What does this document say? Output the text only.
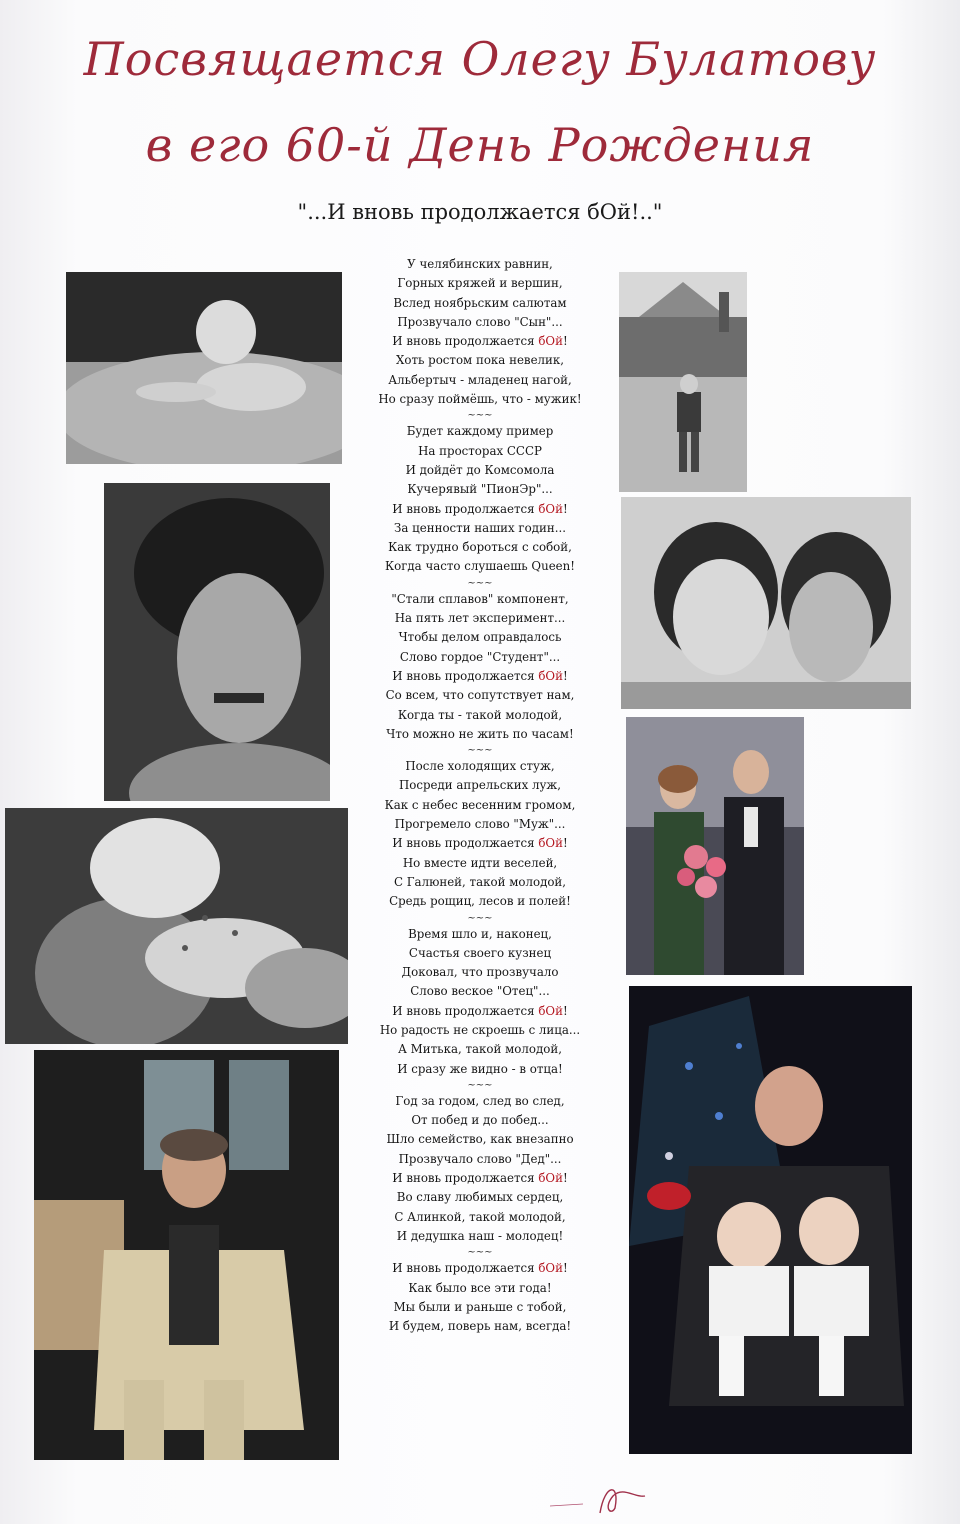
Посвящается Олегу Булатову
в его 60-й День Рождения
"...И вновь продолжается бОй!.."
У челябинских равнин,
Горных кряжей и вершин,
Вслед ноябрьским салютам
Прозвучало слово "Сын"...
И вновь продолжается бОй!
Хоть ростом пока невелик,
Альбертыч - младенец нагой,
Но сразу поймёшь, что - мужик!
~~~
Будет каждому пример
На просторах СССР
И дойдёт до Комсомола
Кучерявый "ПионЭр"...
И вновь продолжается бОй!
За ценности наших годин...
Как трудно бороться с собой,
Когда часто слушаешь Queen!
~~~
"Стали сплавов" компонент,
На пять лет эксперимент...
Чтобы делом оправдалось
Слово гордое "Студент"...
И вновь продолжается бОй!
Со всем, что сопутствует нам,
Когда ты - такой молодой,
Что можно не жить по часам!
~~~
После холодящих стуж,
Посреди апрельских луж,
Как с небес весенним громом,
Прогремело слово "Муж"...
И вновь продолжается бОй!
Но вместе идти веселей,
С Галюней, такой молодой,
Средь рощиц, лесов и полей!
~~~
Время шло и, наконец,
Счастья своего кузнец
Доковал, что прозвучало
Слово веское "Отец"...
И вновь продолжается бОй!
Но радость не скроешь с лица...
А Митька, такой молодой,
И сразу же видно - в отца!
~~~
Год за годом, след во след,
От побед и до побед...
Шло семейство, как внезапно
Прозвучало слово "Дед"...
И вновь продолжается бОй!
Во славу любимых сердец,
С Алинкой, такой молодой,
И дедушка наш - молодец!
~~~
И вновь продолжается бОй!
Как было все эти года!
Мы были и раньше с тобой,
И будем, поверь нам, всегда!
